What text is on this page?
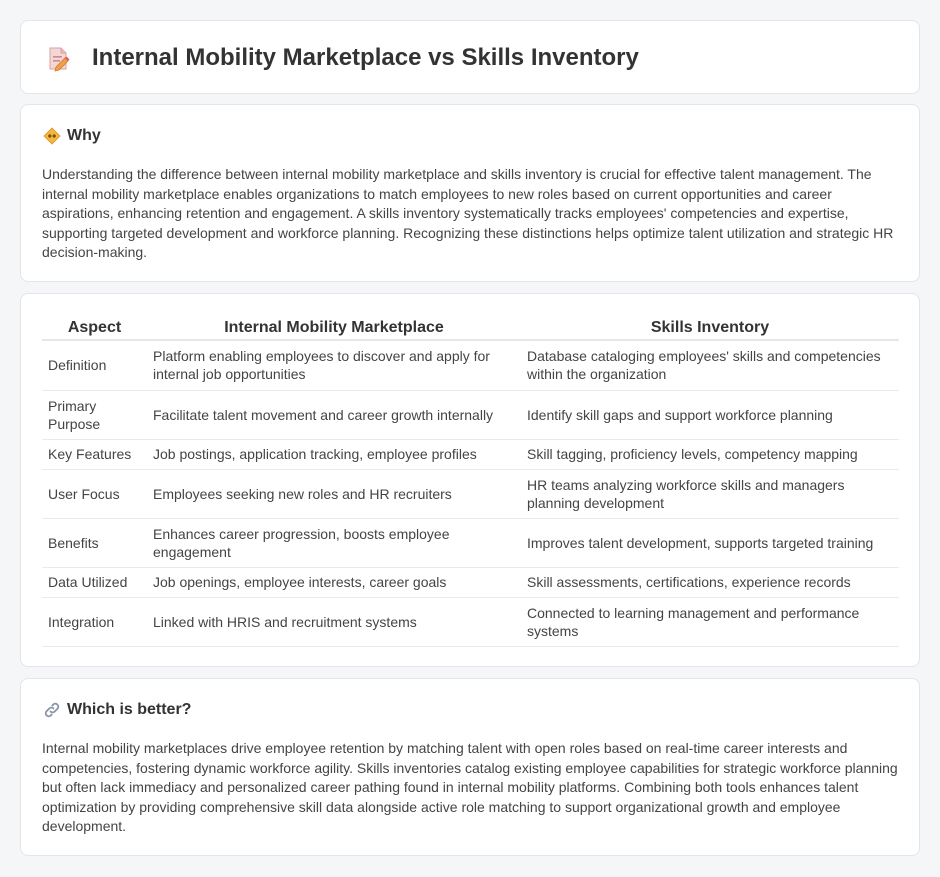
Internal Mobility Marketplace vs Skills Inventory
Why

Understanding the difference between internal mobility marketplace and skills inventory is crucial for effective talent management. The internal mobility marketplace enables organizations to match employees to new roles based on current opportunities and career aspirations, enhancing retention and engagement. A skills inventory systematically tracks employees' competencies and expertise, supporting targeted development and workforce planning. Recognizing these distinctions helps optimize talent utilization and strategic HR decision-making.

Aspect	Internal Mobility Marketplace	Skills Inventory
Definition	Platform enabling employees to discover and apply for internal job opportunities	Database cataloging employees' skills and competencies within the organization
Primary Purpose	Facilitate talent movement and career growth internally	Identify skill gaps and support workforce planning
Key Features	Job postings, application tracking, employee profiles	Skill tagging, proficiency levels, competency mapping
User Focus	Employees seeking new roles and HR recruiters	HR teams analyzing workforce skills and managers planning development
Benefits	Enhances career progression, boosts employee engagement	Improves talent development, supports targeted training
Data Utilized	Job openings, employee interests, career goals	Skill assessments, certifications, experience records
Integration	Linked with HRIS and recruitment systems	Connected to learning management and performance systems
Which is better?

Internal mobility marketplaces drive employee retention by matching talent with open roles based on real-time career interests and competencies, fostering dynamic workforce agility. Skills inventories catalog existing employee capabilities for strategic workforce planning but often lack immediacy and personalized career pathing found in internal mobility platforms. Combining both tools enhances talent optimization by providing comprehensive skill data alongside active role matching to support organizational growth and employee development.
